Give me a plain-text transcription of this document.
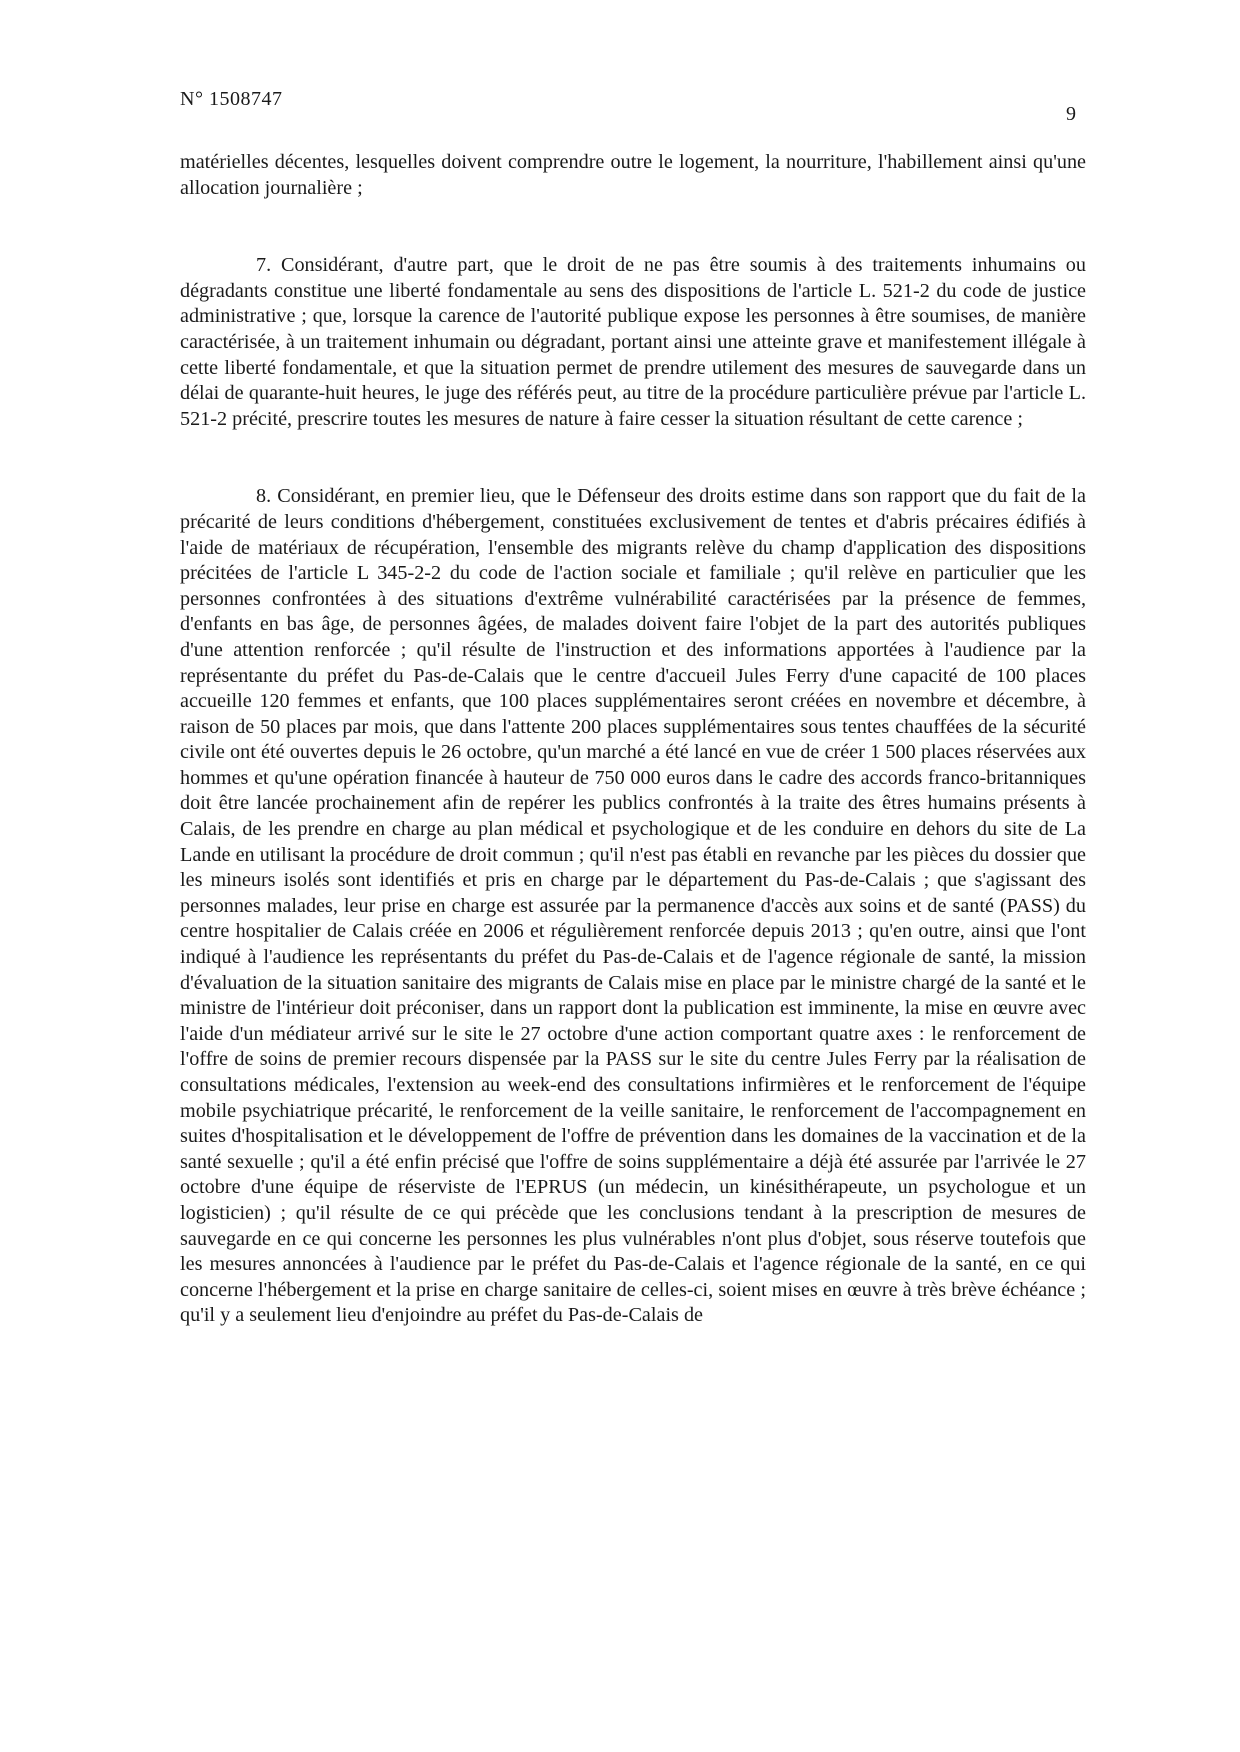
N° 1508747
9

matérielles décentes, lesquelles doivent comprendre outre le logement, la nourriture, l'habillement ainsi qu'une allocation journalière ;

7. Considérant, d'autre part, que le droit de ne pas être soumis à des traitements inhumains ou dégradants constitue une liberté fondamentale au sens des dispositions de l'article L. 521-2 du code de justice administrative ; que, lorsque la carence de l'autorité publique expose les personnes à être soumises, de manière caractérisée, à un traitement inhumain ou dégradant, portant ainsi une atteinte grave et manifestement illégale à cette liberté fondamentale, et que la situation permet de prendre utilement des mesures de sauvegarde dans un délai de quarante-huit heures, le juge des référés peut, au titre de la procédure particulière prévue par l'article L. 521-2 précité, prescrire toutes les mesures de nature à faire cesser la situation résultant de cette carence ;

8. Considérant, en premier lieu, que le Défenseur des droits estime dans son rapport que du fait de la précarité de leurs conditions d'hébergement, constituées exclusivement de tentes et d'abris précaires édifiés à l'aide de matériaux de récupération, l'ensemble des migrants relève du champ d'application des dispositions précitées de l'article L 345-2-2 du code de l'action sociale et familiale ; qu'il relève en particulier que les personnes confrontées à des situations d'extrême vulnérabilité caractérisées par la présence de femmes, d'enfants en bas âge, de personnes âgées, de malades doivent faire l'objet de la part des autorités publiques d'une attention renforcée ; qu'il résulte de l'instruction et des informations apportées à l'audience par la représentante du préfet du Pas-de-Calais que le centre d'accueil Jules Ferry d'une capacité de 100 places accueille 120 femmes et enfants, que 100 places supplémentaires seront créées en novembre et décembre, à raison de 50 places par mois, que dans l'attente 200 places supplémentaires sous tentes chauffées de la sécurité civile ont été ouvertes depuis le 26 octobre, qu'un marché a été lancé en vue de créer 1 500 places réservées aux hommes et qu'une opération financée à hauteur de 750 000 euros dans le cadre des accords franco-britanniques doit être lancée prochainement afin de repérer les publics confrontés à la traite des êtres humains présents à Calais, de les prendre en charge au plan médical et psychologique et de les conduire en dehors du site de La Lande en utilisant la procédure de droit commun ; qu'il n'est pas établi en revanche par les pièces du dossier que les mineurs isolés sont identifiés et pris en charge par le département du Pas-de-Calais ; que s'agissant des personnes malades, leur prise en charge est assurée par la permanence d'accès aux soins et de santé (PASS) du centre hospitalier de Calais créée en 2006 et régulièrement renforcée depuis 2013 ; qu'en outre, ainsi que l'ont indiqué à l'audience les représentants du préfet du Pas-de-Calais et de l'agence régionale de santé, la mission d'évaluation de la situation sanitaire des migrants de Calais mise en place par le ministre chargé de la santé et le ministre de l'intérieur doit préconiser, dans un rapport dont la publication est imminente, la mise en œuvre avec l'aide d'un médiateur arrivé sur le site le 27 octobre d'une action comportant quatre axes : le renforcement de l'offre de soins de premier recours dispensée par la PASS sur le site du centre Jules Ferry par la réalisation de consultations médicales, l'extension au week-end des consultations infirmières et le renforcement de l'équipe mobile psychiatrique précarité, le renforcement de la veille sanitaire, le renforcement de l'accompagnement en suites d'hospitalisation et le développement de l'offre de prévention dans les domaines de la vaccination et de la santé sexuelle ; qu'il a été enfin précisé que l'offre de soins supplémentaire a déjà été assurée par l'arrivée le 27 octobre d'une équipe de réserviste de l'EPRUS (un médecin, un kinésithérapeute, un psychologue et un logisticien) ; qu'il résulte de ce qui précède que les conclusions tendant à la prescription de mesures de sauvegarde en ce qui concerne les personnes les plus vulnérables n'ont plus d'objet, sous réserve toutefois que les mesures annoncées à l'audience par le préfet du Pas-de-Calais et l'agence régionale de la santé, en ce qui concerne l'hébergement et la prise en charge sanitaire de celles-ci, soient mises en œuvre à très brève échéance ; qu'il y a seulement lieu d'enjoindre au préfet du Pas-de-Calais de
